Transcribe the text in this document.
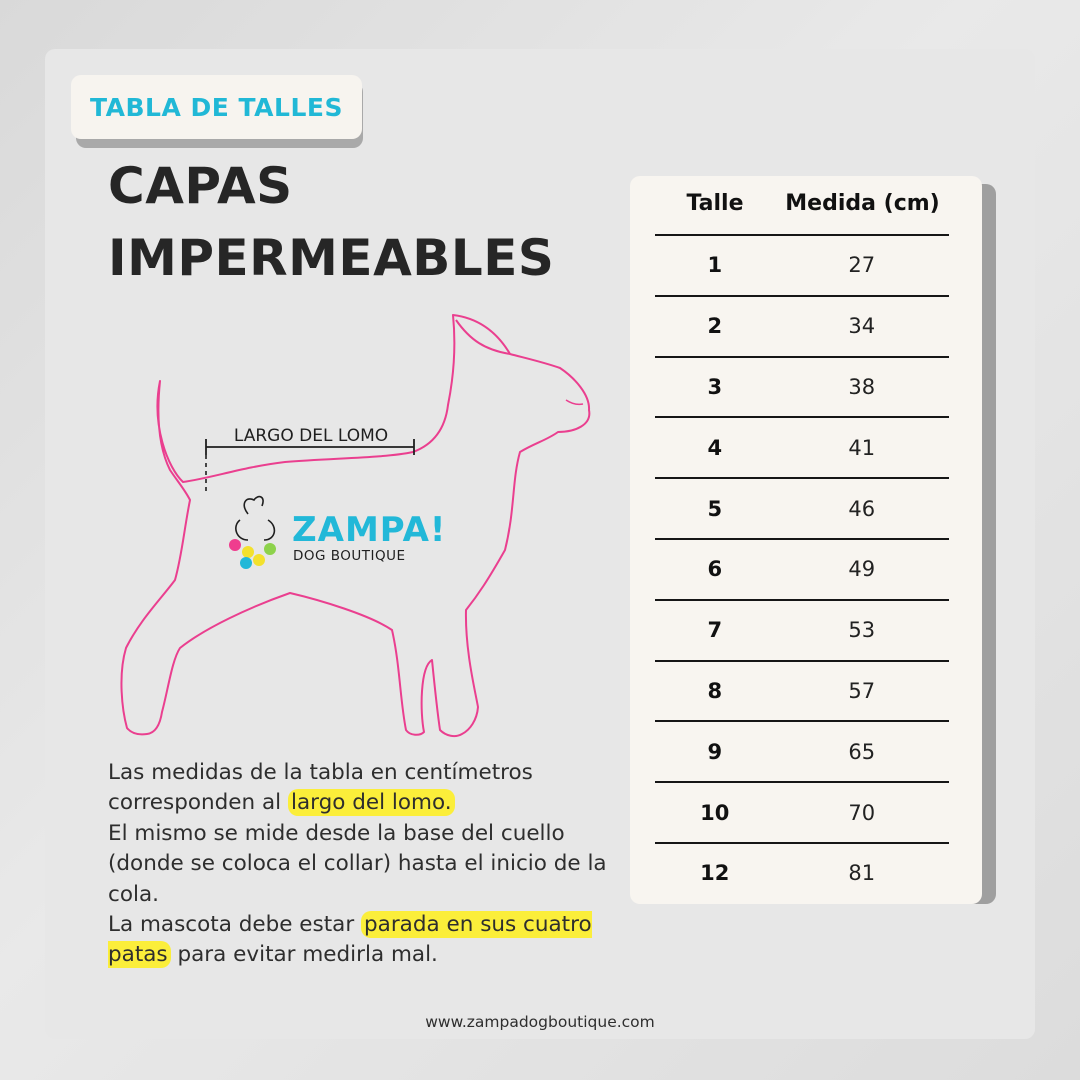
TABLA DE TALLES
CAPAS
IMPERMEABLES
LARGO DEL LOMO
ZAMPA!
DOG BOUTIQUE

Las medidas de la tabla en centímetros corresponden al largo del lomo.

El mismo se mide desde la base del cuello (donde se coloca el collar) hasta el inicio de la cola.

La mascota debe estar parada en sus cuatro patas para evitar medirla mal.

www.zampadogboutique.com
Talle	Medida (cm)
1	27
2	34
3	38
4	41
5	46
6	49
7	53
8	57
9	65
10	70
12	81
